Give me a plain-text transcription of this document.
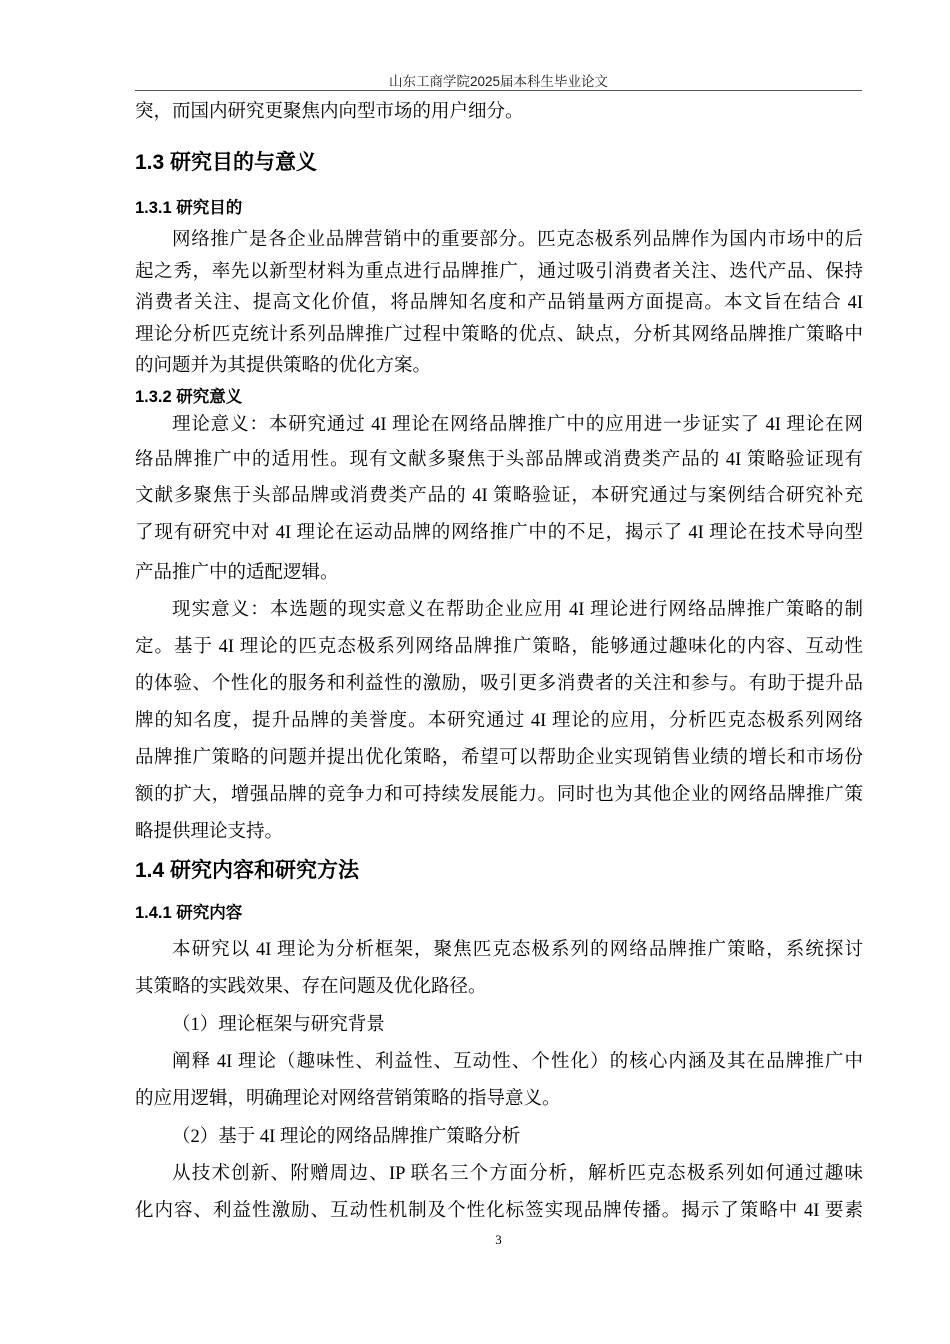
山东工商学院2025届本科生毕业论文
突，而国内研究更聚焦内向型市场的用户细分。
1.3 研究目的与意义
1.3.1 研究目的
网络推广是各企业品牌营销中的重要部分。匹克态极系列品牌作为国内市场中的后
起之秀，率先以新型材料为重点进行品牌推广，通过吸引消费者关注、迭代产品、保持
消费者关注、提高文化价值，将品牌知名度和产品销量两方面提高。本文旨在结合 4I
理论分析匹克统计系列品牌推广过程中策略的优点、缺点，分析其网络品牌推广策略中
的问题并为其提供策略的优化方案。
1.3.2 研究意义
理论意义：本研究通过 4I 理论在网络品牌推广中的应用进一步证实了 4I 理论在网
络品牌推广中的适用性。现有文献多聚焦于头部品牌或消费类产品的 4I 策略验证现有
文献多聚焦于头部品牌或消费类产品的 4I 策略验证，本研究通过与案例结合研究补充
了现有研究中对 4I 理论在运动品牌的网络推广中的不足，揭示了 4I 理论在技术导向型
产品推广中的适配逻辑。
现实意义：本选题的现实意义在帮助企业应用 4I 理论进行网络品牌推广策略的制
定。基于 4I 理论的匹克态极系列网络品牌推广策略，能够通过趣味化的内容、互动性
的体验、个性化的服务和利益性的激励，吸引更多消费者的关注和参与。有助于提升品
牌的知名度，提升品牌的美誉度。本研究通过 4I 理论的应用，分析匹克态极系列网络
品牌推广策略的问题并提出优化策略，希望可以帮助企业实现销售业绩的增长和市场份
额的扩大，增强品牌的竞争力和可持续发展能力。同时也为其他企业的网络品牌推广策
略提供理论支持。
1.4 研究内容和研究方法
1.4.1 研究内容
本研究以 4I 理论为分析框架，聚焦匹克态极系列的网络品牌推广策略，系统探讨
其策略的实践效果、存在问题及优化路径。
（1）理论框架与研究背景
阐释 4I 理论（趣味性、利益性、互动性、个性化）的核心内涵及其在品牌推广中
的应用逻辑，明确理论对网络营销策略的指导意义。
（2）基于 4I 理论的网络品牌推广策略分析
从技术创新、附赠周边、IP 联名三个方面分析，解析匹克态极系列如何通过趣味
化内容、利益性激励、互动性机制及个性化标签实现品牌传播。揭示了策略中 4I 要素
3
